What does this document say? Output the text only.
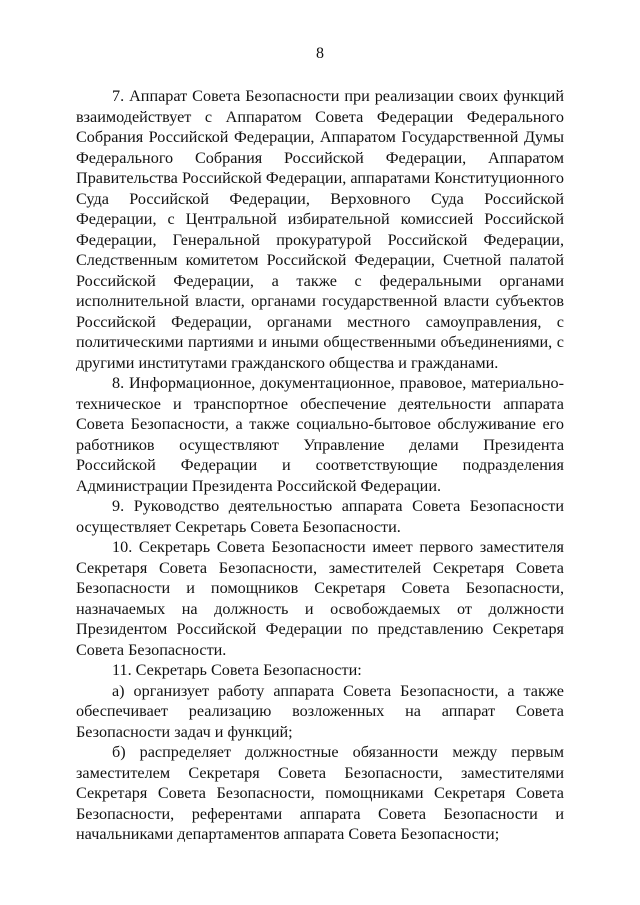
8

7. Аппарат Совета Безопасности при реализации своих функций взаимодействует с Аппаратом Совета Федерации Федерального Собрания Российской Федерации, Аппаратом Государственной Думы Федерального Собрания Российской Федерации, Аппаратом Правительства Российской Федерации, аппаратами Конституционного Суда Российской Федерации, Верховного Суда Российской Федерации, с Центральной избирательной комиссией Российской Федерации, Генеральной прокуратурой Российской Федерации, Следственным комитетом Российской Федерации, Счетной палатой Российской Федерации, а также с федеральными органами исполнительной власти, органами государственной власти субъектов Российской Федерации, органами местного самоуправления, с политическими партиями и иными общественными объединениями, с другими институтами гражданского общества и гражданами.

8. Информационное, документационное, правовое, материально-техническое и транспортное обеспечение деятельности аппарата Совета Безопасности, а также социально-бытовое обслуживание его работников осуществляют Управление делами Президента Российской Федерации и соответствующие подразделения Администрации Президента Российской Федерации.

9. Руководство деятельностью аппарата Совета Безопасности осуществляет Секретарь Совета Безопасности.

10. Секретарь Совета Безопасности имеет первого заместителя Секретаря Совета Безопасности, заместителей Секретаря Совета Безопасности и помощников Секретаря Совета Безопасности, назначаемых на должность и освобождаемых от должности Президентом Российской Федерации по представлению Секретаря Совета Безопасности.

11. Секретарь Совета Безопасности:

а) организует работу аппарата Совета Безопасности, а также обеспечивает реализацию возложенных на аппарат Совета Безопасности задач и функций;

б) распределяет должностные обязанности между первым заместителем Секретаря Совета Безопасности, заместителями Секретаря Совета Безопасности, помощниками Секретаря Совета Безопасности, референтами аппарата Совета Безопасности и начальниками департаментов аппарата Совета Безопасности;
